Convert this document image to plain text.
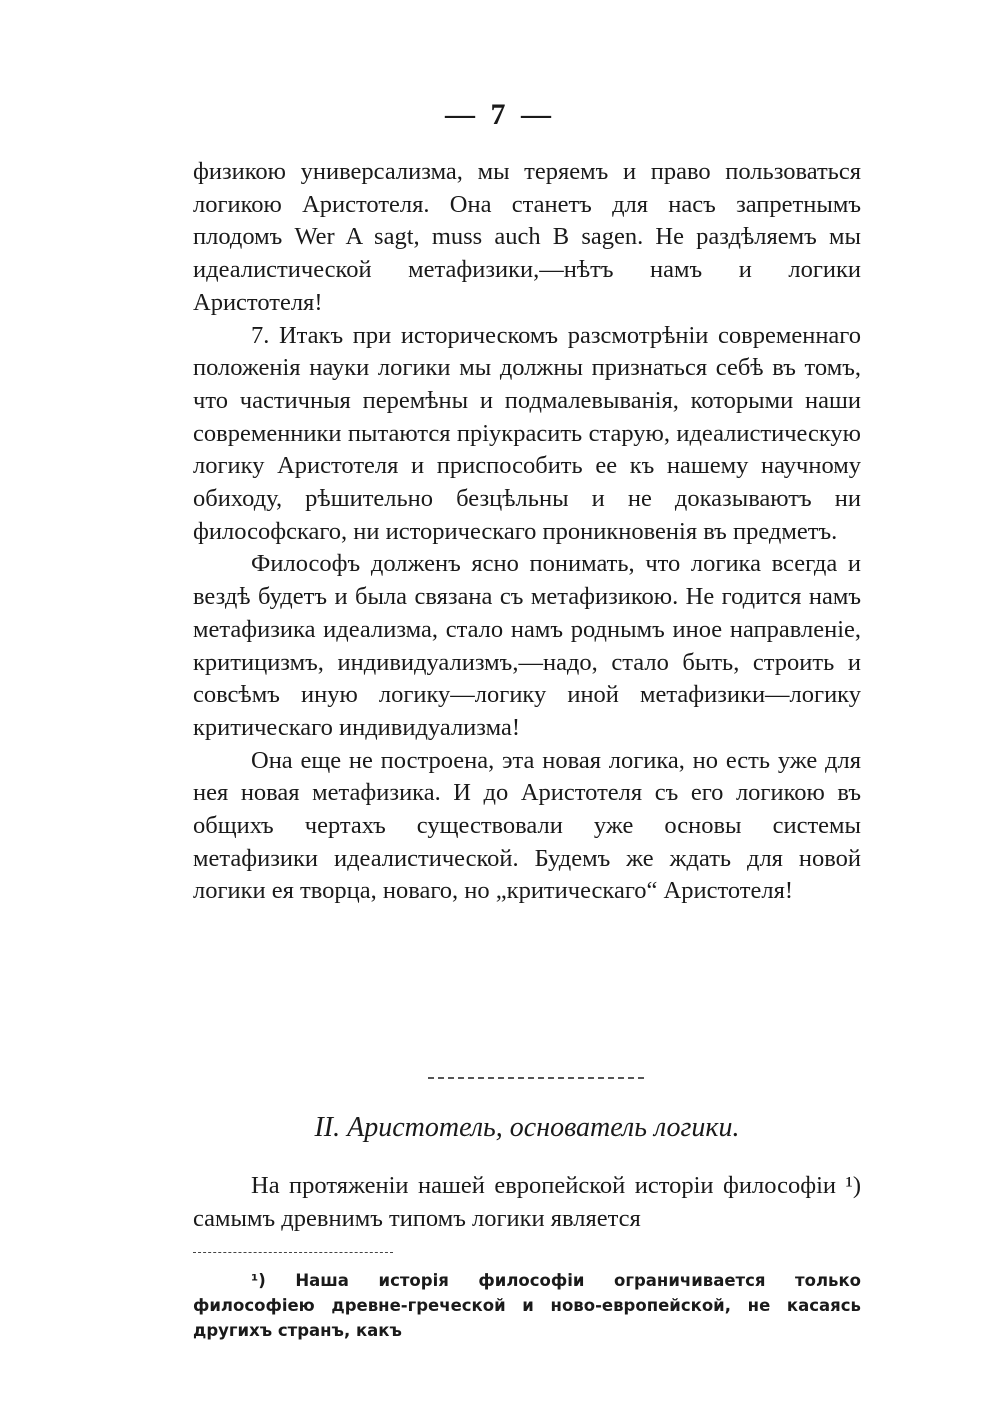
— 7 —

физикою универсализма, мы теряемъ и право пользоваться логикою Аристотеля. Она станетъ для насъ запретнымъ плодомъ Wer A sagt, muss auch B sagen. Не раздѣляемъ мы идеалистической метафизики,—нѣтъ намъ и логики Аристотеля!

7. Итакъ при историческомъ разсмотрѣніи современнаго положенія науки логики мы должны признаться себѣ въ томъ, что частичныя перемѣны и подмалевыванія, которыми наши современники пытаются пріукрасить старую, идеалистическую логику Аристотеля и приспособить ее къ нашему научному обиходу, рѣшительно безцѣльны и не доказываютъ ни философскаго, ни историческаго проникновенія въ предметъ.

Философъ долженъ ясно понимать, что логика всегда и вездѣ будетъ и была связана съ метафизикою. Не годится намъ метафизика идеализма, стало намъ роднымъ иное направленіе, критицизмъ, индивидуализмъ,—надо, стало быть, строить и совсѣмъ иную логику—логику иной метафизики—логику критическаго индивидуализма!

Она еще не построена, эта новая логика, но есть уже для нея новая метафизика. И до Аристотеля съ его логикою въ общихъ чертахъ существовали уже основы системы метафизики идеалистической. Будемъ же ждать для новой логики ея творца, новаго, но „критическаго“ Аристотеля!

II. Аристотель, основатель логики.

На протяженіи нашей европейской исторіи философіи ¹) самымъ древнимъ типомъ логики является

¹) Наша исторія философіи ограничивается только философіею древне-греческой и ново-европейской, не касаясь другихъ странъ, какъ
